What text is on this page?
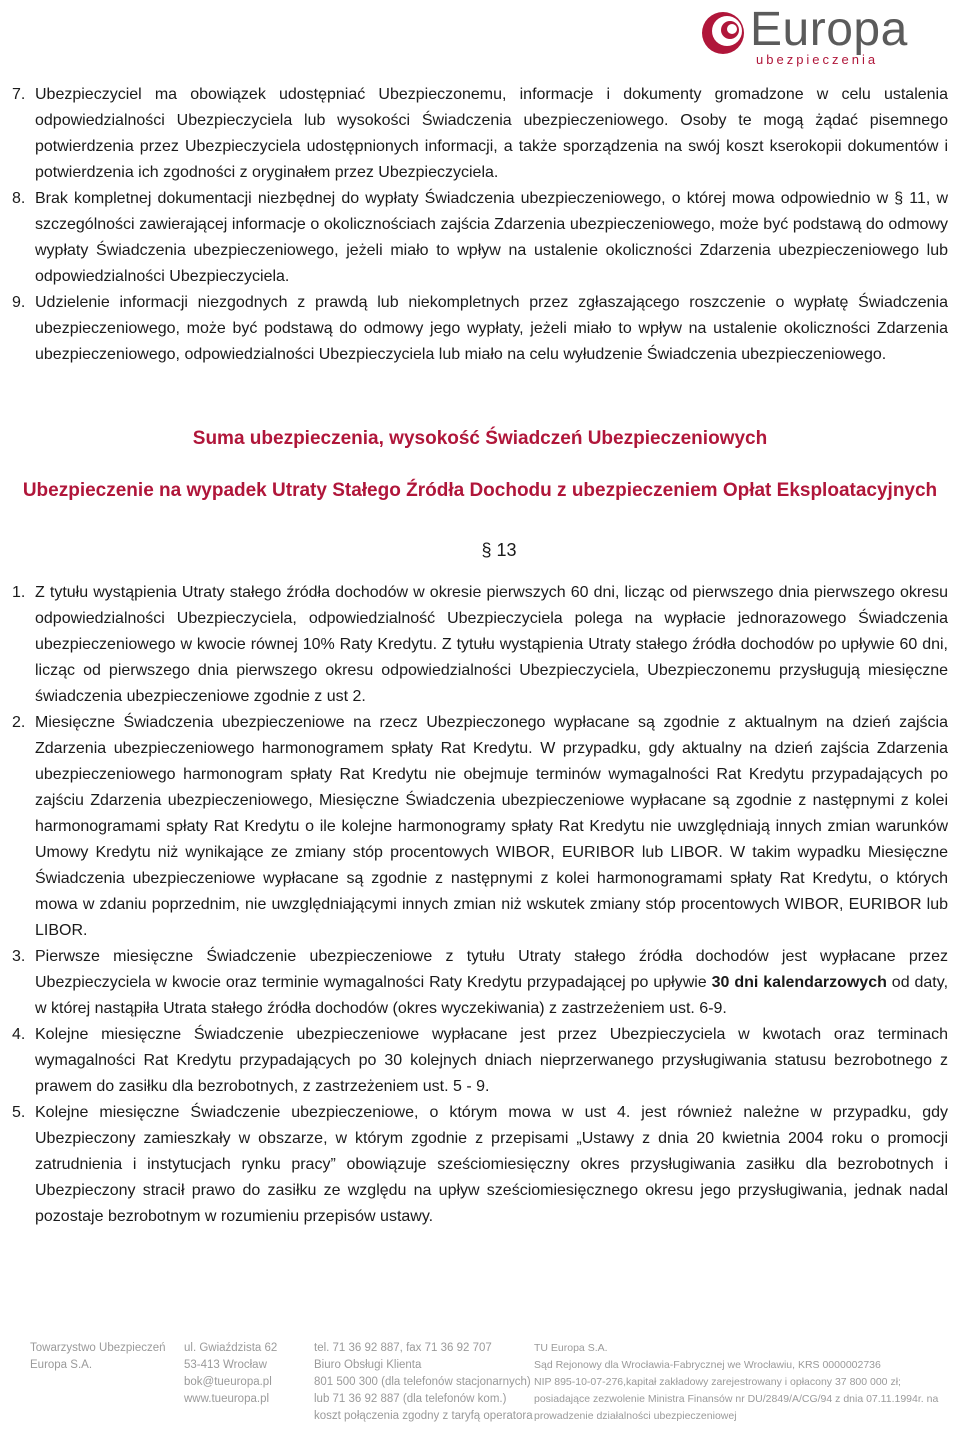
Europa
ubezpieczenia

7. Ubezpieczyciel ma obowiązek udostępniać Ubezpieczonemu, informacje i dokumenty gromadzone w celu ustalenia odpowiedzialności Ubezpieczyciela lub wysokości Świadczenia ubezpieczeniowego. Osoby te mogą żądać pisemnego potwierdzenia przez Ubezpieczyciela udostępnionych informacji, a także sporządzenia na swój koszt kserokopii dokumentów i potwierdzenia ich zgodności z oryginałem przez Ubezpieczyciela.

8. Brak kompletnej dokumentacji niezbędnej do wypłaty Świadczenia ubezpieczeniowego, o której mowa odpowiednio w § 11, w szczególności zawierającej informacje o okolicznościach zajścia Zdarzenia ubezpieczeniowego, może być podstawą do odmowy wypłaty Świadczenia ubezpieczeniowego, jeżeli miało to wpływ na ustalenie okoliczności Zdarzenia ubezpieczeniowego lub odpowiedzialności Ubezpieczyciela.

9. Udzielenie informacji niezgodnych z prawdą lub niekompletnych przez zgłaszającego roszczenie o wypłatę Świadczenia ubezpieczeniowego, może być podstawą do odmowy jego wypłaty, jeżeli miało to wpływ na ustalenie okoliczności Zdarzenia ubezpieczeniowego, odpowiedzialności Ubezpieczyciela lub miało na celu wyłudzenie Świadczenia ubezpieczeniowego.

Suma ubezpieczenia, wysokość Świadczeń Ubezpieczeniowych
Ubezpieczenie na wypadek Utraty Stałego Źródła Dochodu z ubezpieczeniem Opłat Eksploatacyjnych
§ 13

1. Z tytułu wystąpienia Utraty stałego źródła dochodów w okresie pierwszych 60 dni, licząc od pierwszego dnia pierwszego okresu odpowiedzialności Ubezpieczyciela, odpowiedzialność Ubezpieczyciela polega na wypłacie jednorazowego Świadczenia ubezpieczeniowego w kwocie równej 10% Raty Kredytu. Z tytułu wystąpienia Utraty stałego źródła dochodów po upływie 60 dni, licząc od pierwszego dnia pierwszego okresu odpowiedzialności Ubezpieczyciela, Ubezpieczonemu przysługują miesięczne świadczenia ubezpieczeniowe zgodnie z ust 2.

2. Miesięczne Świadczenia ubezpieczeniowe na rzecz Ubezpieczonego wypłacane są zgodnie z aktualnym na dzień zajścia Zdarzenia ubezpieczeniowego harmonogramem spłaty Rat Kredytu. W przypadku, gdy aktualny na dzień zajścia Zdarzenia ubezpieczeniowego harmonogram spłaty Rat Kredytu nie obejmuje terminów wymagalności Rat Kredytu przypadających po zajściu Zdarzenia ubezpieczeniowego, Miesięczne Świadczenia ubezpieczeniowe wypłacane są zgodnie z następnymi z kolei harmonogramami spłaty Rat Kredytu o ile kolejne harmonogramy spłaty Rat Kredytu nie uwzględniają innych zmian warunków Umowy Kredytu niż wynikające ze zmiany stóp procentowych WIBOR, EURIBOR lub LIBOR. W takim wypadku Miesięczne Świadczenia ubezpieczeniowe wypłacane są zgodnie z następnymi z kolei harmonogramami spłaty Rat Kredytu, o których mowa w zdaniu poprzednim, nie uwzględniającymi innych zmian niż wskutek zmiany stóp procentowych WIBOR, EURIBOR lub LIBOR.

3. Pierwsze miesięczne Świadczenie ubezpieczeniowe z tytułu Utraty stałego źródła dochodów jest wypłacane przez Ubezpieczyciela w kwocie oraz terminie wymagalności Raty Kredytu przypadającej po upływie 30 dni kalendarzowych od daty, w której nastąpiła Utrata stałego źródła dochodów (okres wyczekiwania) z zastrzeżeniem ust. 6-9.

4. Kolejne miesięczne Świadczenie ubezpieczeniowe wypłacane jest przez Ubezpieczyciela w kwotach oraz terminach wymagalności Rat Kredytu przypadających po 30 kolejnych dniach nieprzerwanego przysługiwania statusu bezrobotnego z prawem do zasiłku dla bezrobotnych, z zastrzeżeniem ust. 5 - 9.

5. Kolejne miesięczne Świadczenie ubezpieczeniowe, o którym mowa w ust 4. jest również należne w przypadku, gdy Ubezpieczony zamieszkały w obszarze, w którym zgodnie z przepisami „Ustawy z dnia 20 kwietnia 2004 roku o promocji zatrudnienia i instytucjach rynku pracy” obowiązuje sześciomiesięczny okres przysługiwania zasiłku dla bezrobotnych i Ubezpieczony stracił prawo do zasiłku ze względu na upływ sześciomiesięcznego okresu jego przysługiwania, jednak nadal pozostaje bezrobotnym w rozumieniu przepisów ustawy.

Towarzystwo Ubezpieczeń
Europa S.A.
ul. Gwiaździsta 62
53-413 Wrocław
bok@tueuropa.pl
www.tueuropa.pl
tel. 71 36 92 887, fax 71 36 92 707
Biuro Obsługi Klienta
801 500 300 (dla telefonów stacjonarnych)
lub 71 36 92 887 (dla telefonów kom.)
koszt połączenia zgodny z taryfą operatora
TU Europa S.A.
Sąd Rejonowy dla Wrocławia-Fabrycznej we Wrocławiu, KRS 0000002736
NIP 895-10-07-276,kapitał zakładowy zarejestrowany i opłacony 37 800 000 zł;
posiadające zezwolenie Ministra Finansów nr DU/2849/A/CG/94 z dnia 07.11.1994r. na
prowadzenie działalności ubezpieczeniowej
